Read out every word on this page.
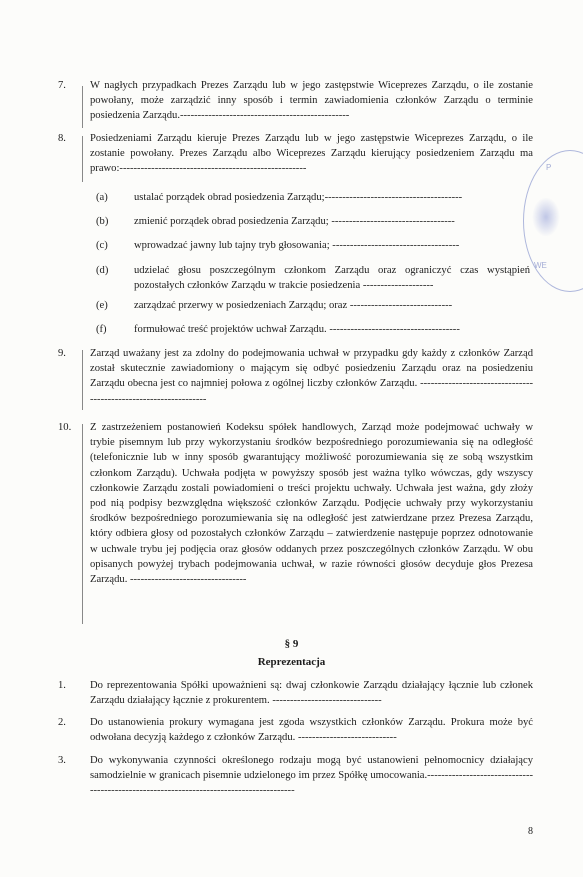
P
WE
7. W nagłych przypadkach Prezes Zarządu lub w jego zastępstwie Wiceprezes Zarządu, o ile zostanie powołany, może zarządzić inny sposób i termin zawiadomienia członków Zarządu o terminie posiedzenia Zarządu.------------------------------------------------
8. Posiedzeniami Zarządu kieruje Prezes Zarządu lub w jego zastępstwie Wiceprezes Zarządu, o ile zostanie powołany. Prezes Zarządu albo Wiceprezes Zarządu kierujący posiedzeniem Zarządu ma prawo:-----------------------------------------------------
(a) ustalać porządek obrad posiedzenia Zarządu;---------------------------------------
(b) zmienić porządek obrad posiedzenia Zarządu; -----------------------------------
(c) wprowadzać jawny lub tajny tryb głosowania; ------------------------------------
(d) udzielać głosu poszczególnym członkom Zarządu oraz ograniczyć czas wystąpień pozostałych członków Zarządu w trakcie posiedzenia --------------------
(e) zarządzać przerwy w posiedzeniach Zarządu; oraz -----------------------------
(f)	formułować treść projektów uchwał Zarządu. -------------------------------------
9. Zarząd uważany jest za zdolny do podejmowania uchwał w przypadku gdy każdy z członków Zarząd został skutecznie zawiadomiony o mającym się odbyć posiedzeniu Zarządu oraz na posiedzeniu Zarządu obecna jest co najmniej połowa z ogólnej liczby członków Zarządu. -----------------------------------------------------------------
10. Z zastrzeżeniem postanowień Kodeksu spółek handlowych, Zarząd może podejmować uchwały w trybie pisemnym lub przy wykorzystaniu środków bezpośredniego porozumiewania się na odległość (telefonicznie lub w inny sposób gwarantujący możliwość porozumiewania się ze sobą wszystkim członkom Zarządu). Uchwała podjęta w powyższy sposób jest ważna tylko wówczas, gdy wszyscy członkowie Zarządu zostali powiadomieni o treści projektu uchwały. Uchwała jest ważna, gdy złoży pod nią podpisy bezwzględna większość członków Zarządu. Podjęcie uchwały przy wykorzystaniu środków bezpośredniego porozumiewania się na odległość jest zatwierdzane przez Prezesa Zarządu, który odbiera głosy od pozostałych członków Zarządu – zatwierdzenie następuje poprzez odnotowanie w uchwale trybu jej podjęcia oraz głosów oddanych przez poszczególnych członków Zarządu. W obu opisanych powyżej trybach podejmowania uchwał, w razie równości głosów decyduje głos Prezesa Zarządu. ---------------------------------
§ 9
Reprezentacja
1. Do reprezentowania Spółki upoważnieni są: dwaj członkowie Zarządu działający łącznie lub członek Zarządu działający łącznie z prokurentem. -------------------------------
2. Do ustanowienia prokury wymagana jest zgoda wszystkich członków Zarządu. Prokura może być odwołana decyzją każdego z członków Zarządu. ----------------------------
3. Do wykonywania czynności określonego rodzaju mogą być ustanowieni pełnomocnicy działający samodzielnie w granicach pisemnie udzielonego im przez Spółkę umocowania.----------------------------------------------------------------------------------------
8
